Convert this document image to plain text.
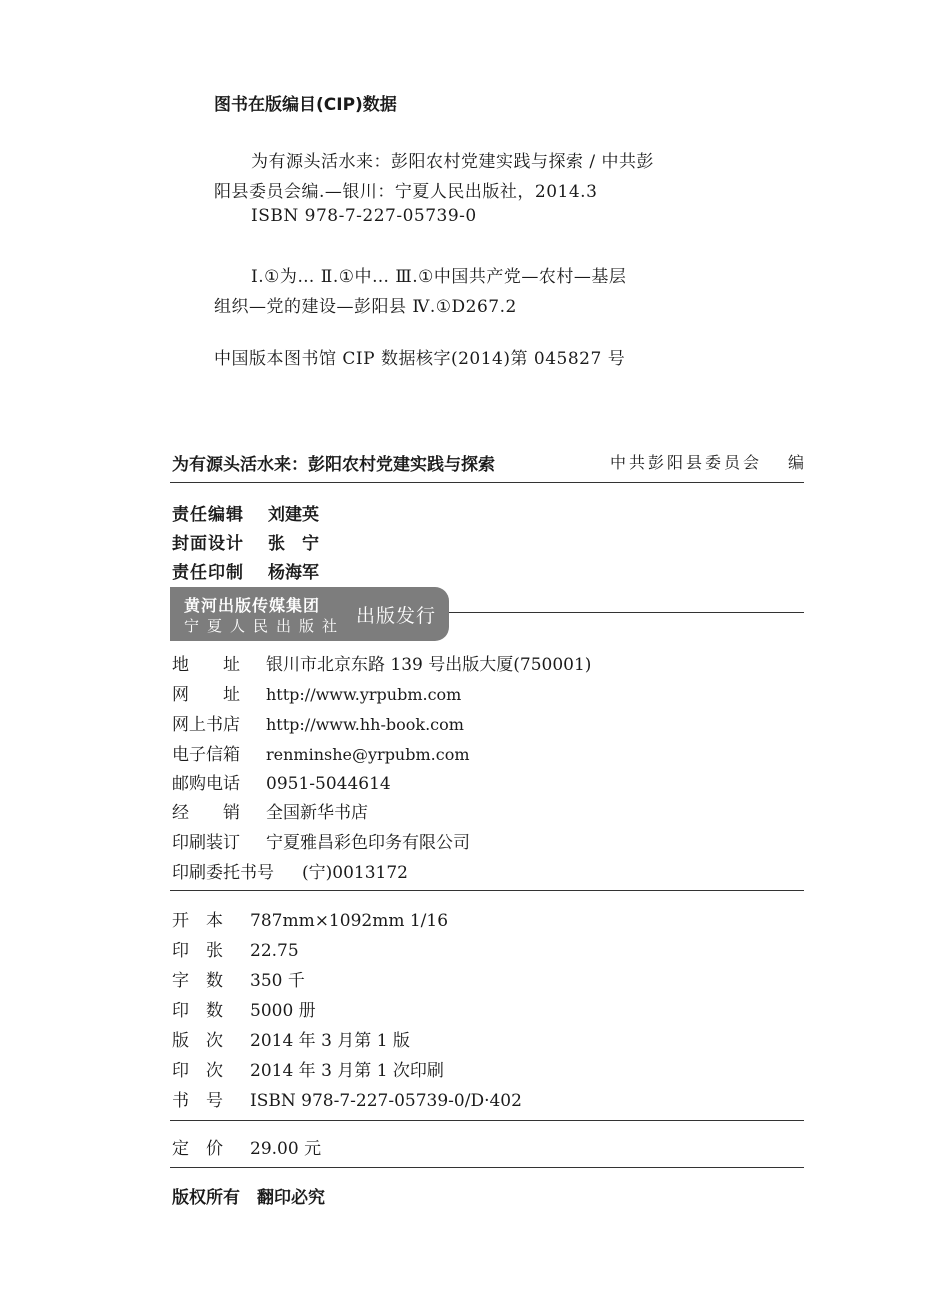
图书在版编目(CIP)数据
为有源头活水来：彭阳农村党建实践与探索 / 中共彭
阳县委员会编.—银川：宁夏人民出版社，2014.3
ISBN 978-7-227-05739-0
Ⅰ.①为… Ⅱ.①中… Ⅲ.①中国共产党—农村—基层
组织—党的建设—彭阳县 Ⅳ.①D267.2
中国版本图书馆 CIP 数据核字(2014)第 045827 号
为有源头活水来：彭阳农村党建实践与探索	中共彭阳县委员会 编
责任编辑 刘建英
封面设计 张　宁
责任印制 杨海军
黄河出版传媒集团
宁夏人民出版社 出版发行
地　　址 银川市北京东路 139 号出版大厦(750001)
网　　址 http://www.yrpubm.com
网上书店 http://www.hh-book.com
电子信箱 renminshe@yrpubm.com
邮购电话 0951-5044614
经　　销 全国新华书店
印刷装订 宁夏雅昌彩色印务有限公司
印刷委托书号 (宁)0013172
开　本 787mm×1092mm 1/16
印　张 22.75
字　数 350 千
印　数 5000 册
版　次 2014 年 3 月第 1 版
印　次 2014 年 3 月第 1 次印刷
书　号 ISBN 978-7-227-05739-0/D·402
定　价 29.00 元
版权所有　翻印必究
